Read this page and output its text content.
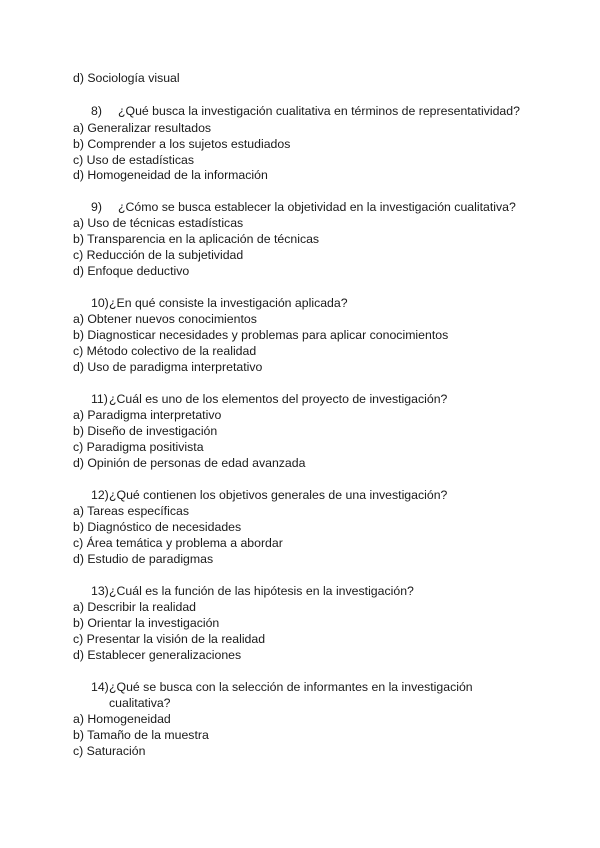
d) Sociología visual
8) ¿Qué busca la investigación cualitativa en términos de representatividad?
a) Generalizar resultados
b) Comprender a los sujetos estudiados
c) Uso de estadísticas
d) Homogeneidad de la información
9) ¿Cómo se busca establecer la objetividad en la investigación cualitativa?
a) Uso de técnicas estadísticas
b) Transparencia en la aplicación de técnicas
c) Reducción de la subjetividad
d) Enfoque deductivo
10)¿En qué consiste la investigación aplicada?
a) Obtener nuevos conocimientos
b) Diagnosticar necesidades y problemas para aplicar conocimientos
c) Método colectivo de la realidad
d) Uso de paradigma interpretativo
11)¿Cuál es uno de los elementos del proyecto de investigación?
a) Paradigma interpretativo
b) Diseño de investigación
c) Paradigma positivista
d) Opinión de personas de edad avanzada
12)¿Qué contienen los objetivos generales de una investigación?
a) Tareas específicas
b) Diagnóstico de necesidades
c) Área temática y problema a abordar
d) Estudio de paradigmas
13)¿Cuál es la función de las hipótesis en la investigación?
a) Describir la realidad
b) Orientar la investigación
c) Presentar la visión de la realidad
d) Establecer generalizaciones
14)¿Qué se busca con la selección de informantes en la investigación
cualitativa?
a) Homogeneidad
b) Tamaño de la muestra
c) Saturación
